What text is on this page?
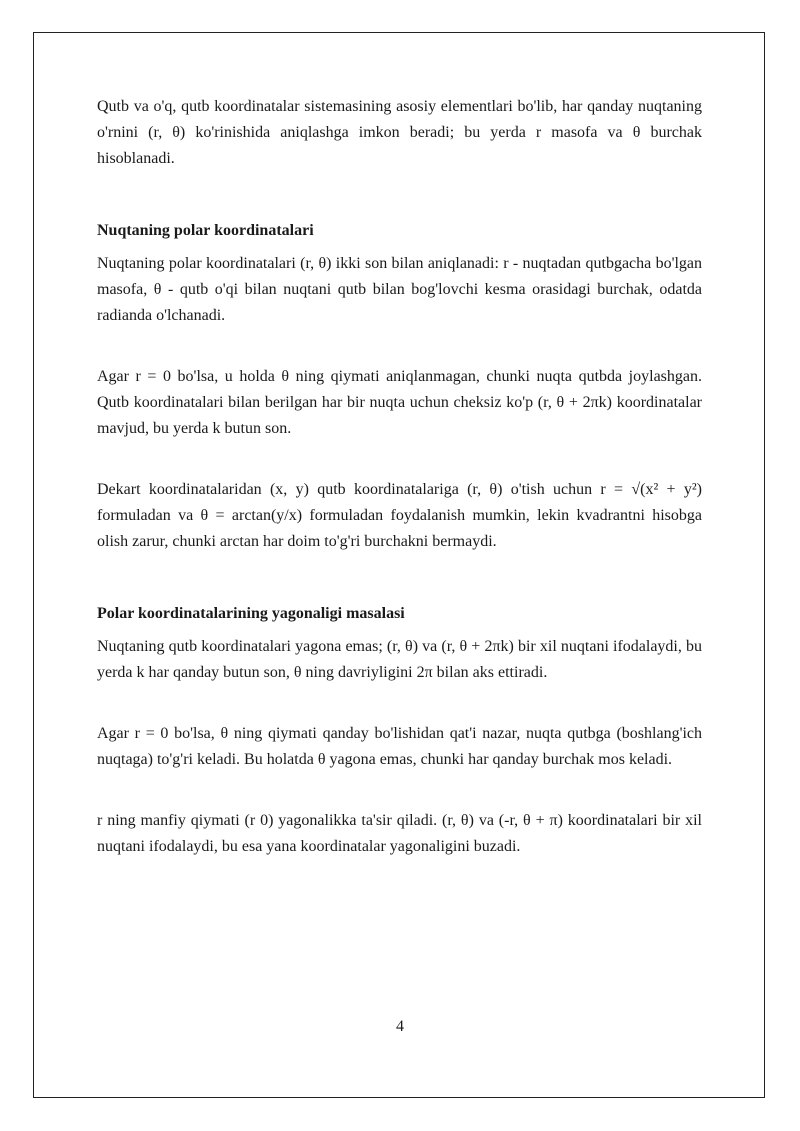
Qutb va o'q, qutb koordinatalar sistemasining asosiy elementlari bo'lib, har qanday nuqtaning o'rnini (r, θ) ko'rinishida aniqlashga imkon beradi; bu yerda r masofa va θ burchak hisoblanadi.

Nuqtaning polar koordinatalari

Nuqtaning polar koordinatalari (r, θ) ikki son bilan aniqlanadi: r - nuqtadan qutbgacha bo'lgan masofa, θ - qutb o'qi bilan nuqtani qutb bilan bog'lovchi kesma orasidagi burchak, odatda radianda o'lchanadi.

Agar r = 0 bo'lsa, u holda θ ning qiymati aniqlanmagan, chunki nuqta qutbda joylashgan. Qutb koordinatalari bilan berilgan har bir nuqta uchun cheksiz ko'p (r, θ + 2πk) koordinatalar mavjud, bu yerda k butun son.

Dekart koordinatalaridan (x, y) qutb koordinatalariga (r, θ) o'tish uchun r = √(x² + y²) formuladan va θ = arctan(y/x) formuladan foydalanish mumkin, lekin kvadrantni hisobga olish zarur, chunki arctan har doim to'g'ri burchakni bermaydi.

Polar koordinatalarining yagonaligi masalasi

Nuqtaning qutb koordinatalari yagona emas; (r, θ) va (r, θ + 2πk) bir xil nuqtani ifodalaydi, bu yerda k har qanday butun son, θ ning davriyligini 2π bilan aks ettiradi.

Agar r = 0 bo'lsa, θ ning qiymati qanday bo'lishidan qat'i nazar, nuqta qutbga (boshlang'ich nuqtaga) to'g'ri keladi. Bu holatda θ yagona emas, chunki har qanday burchak mos keladi.

r ning manfiy qiymati (r 0) yagonalikka ta'sir qiladi. (r, θ) va (-r, θ + π) koordinatalari bir xil nuqtani ifodalaydi, bu esa yana koordinatalar yagonaligini buzadi.

4
